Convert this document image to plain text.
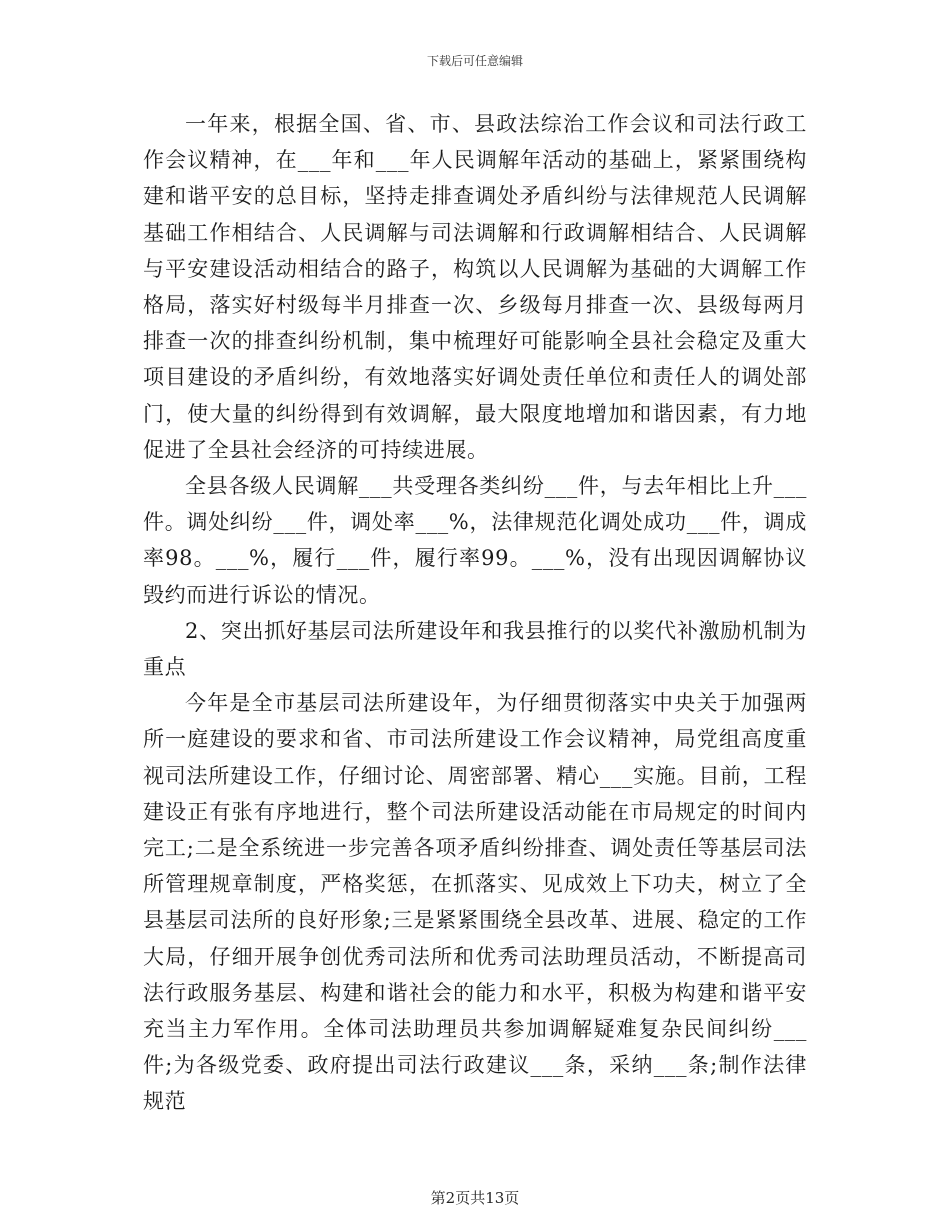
下载后可任意编辑

一年来，根据全国、省、市、县政法综治工作会议和司法行政工作会议精神，在___年和___年人民调解年活动的基础上，紧紧围绕构建和谐平安的总目标，坚持走排查调处矛盾纠纷与法律规范人民调解基础工作相结合、人民调解与司法调解和行政调解相结合、人民调解与平安建设活动相结合的路子，构筑以人民调解为基础的大调解工作格局，落实好村级每半月排查一次、乡级每月排查一次、县级每两月排查一次的排查纠纷机制，集中梳理好可能影响全县社会稳定及重大项目建设的矛盾纠纷，有效地落实好调处责任单位和责任人的调处部门，使大量的纠纷得到有效调解，最大限度地增加和谐因素，有力地促进了全县社会经济的可持续进展。

全县各级人民调解___共受理各类纠纷___件，与去年相比上升___件。调处纠纷___件，调处率___%，法律规范化调处成功___件，调成率98。___%，履行___件，履行率99。___%，没有出现因调解协议毁约而进行诉讼的情况。

2、突出抓好基层司法所建设年和我县推行的以奖代补激励机制为重点

今年是全市基层司法所建设年，为仔细贯彻落实中央关于加强两所一庭建设的要求和省、市司法所建设工作会议精神，局党组高度重视司法所建设工作，仔细讨论、周密部署、精心___实施。目前，工程建设正有张有序地进行，整个司法所建设活动能在市局规定的时间内完工;二是全系统进一步完善各项矛盾纠纷排查、调处责任等基层司法所管理规章制度，严格奖惩，在抓落实、见成效上下功夫，树立了全县基层司法所的良好形象;三是紧紧围绕全县改革、进展、稳定的工作大局，仔细开展争创优秀司法所和优秀司法助理员活动，不断提高司法行政服务基层、构建和谐社会的能力和水平，积极为构建和谐平安充当主力军作用。全体司法助理员共参加调解疑难复杂民间纠纷___件;为各级党委、政府提出司法行政建议___条，采纳___条;制作法律规范

第2页共13页
